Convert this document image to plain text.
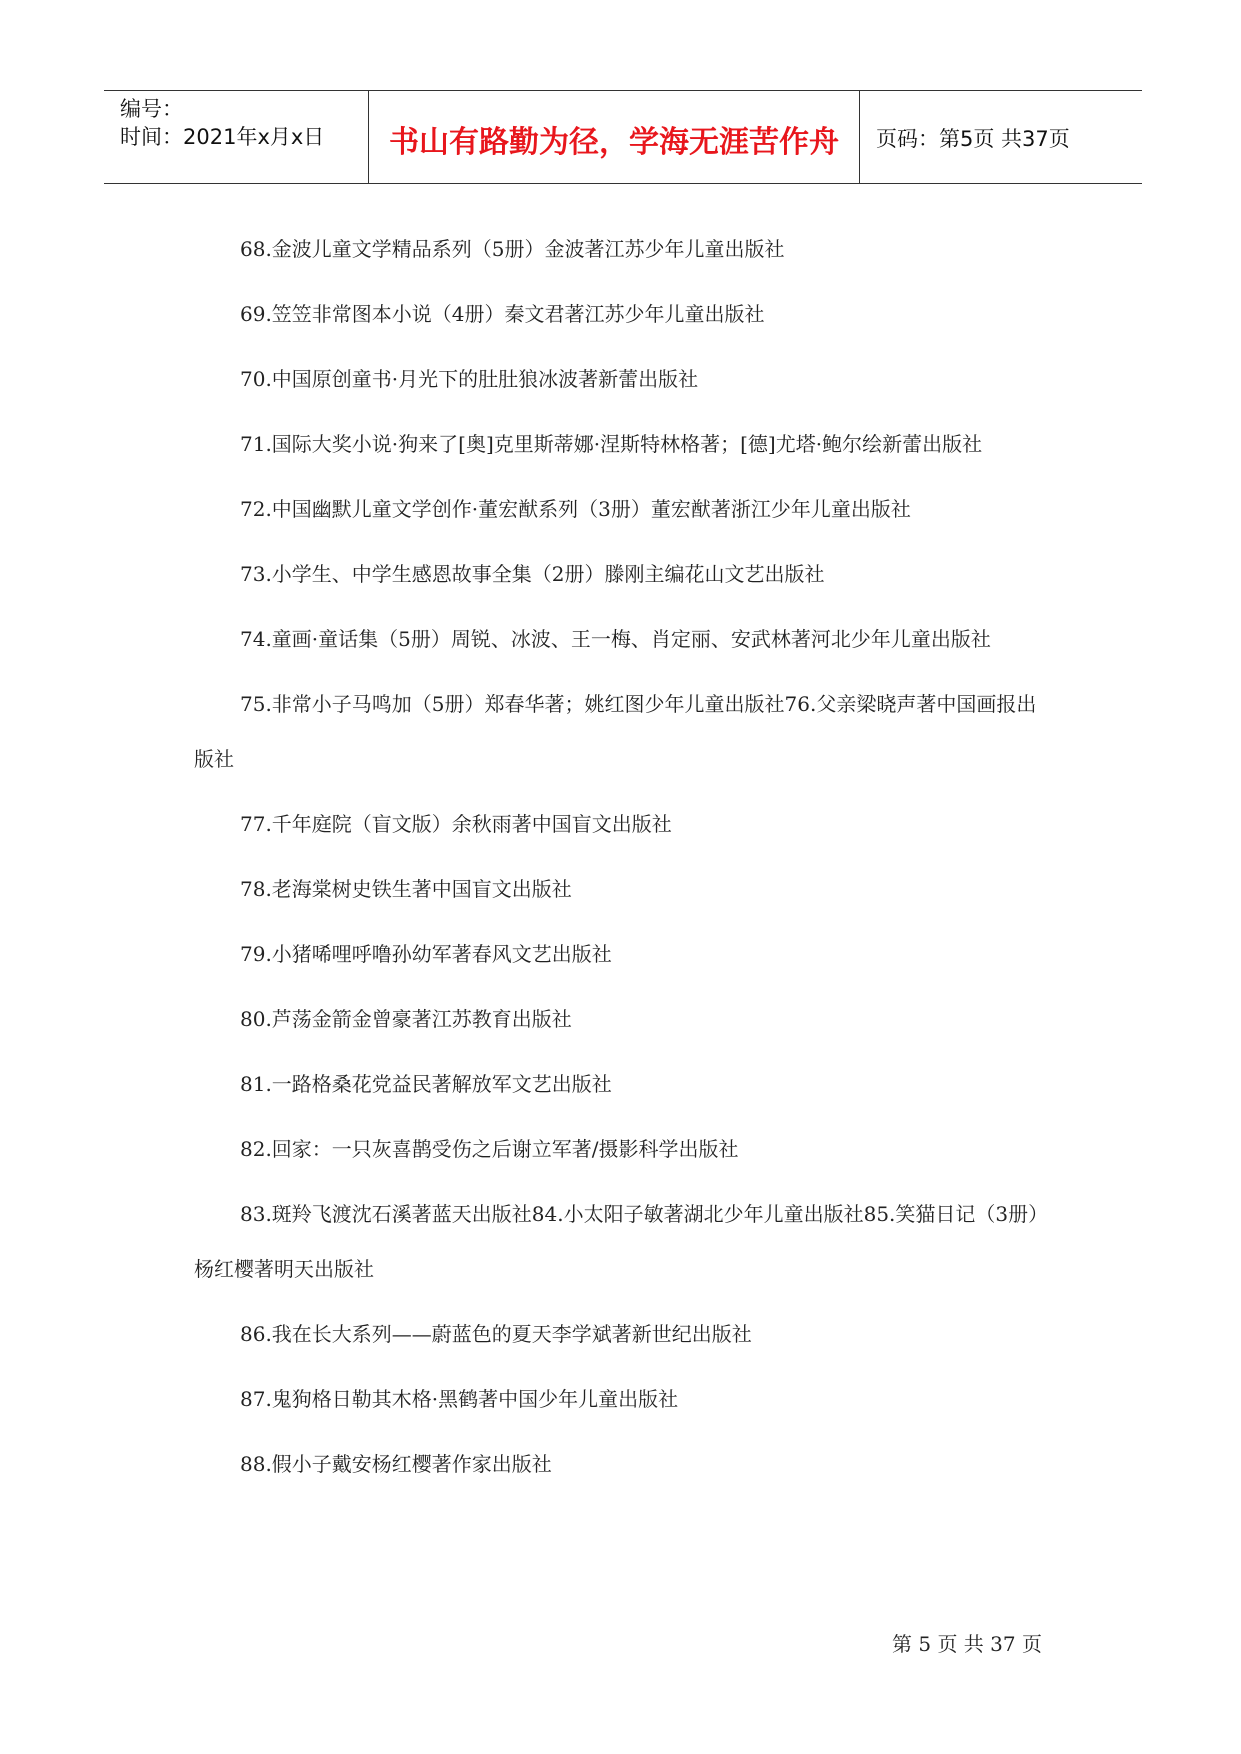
编号：
时间：2021年x月x日	书山有路勤为径，学海无涯苦作舟	页码：第5页 共37页

68.金波儿童文学精品系列（5册）金波著江苏少年儿童出版社

69.笠笠非常图本小说（4册）秦文君著江苏少年儿童出版社

70.中国原创童书·月光下的肚肚狼冰波著新蕾出版社

71.国际大奖小说·狗来了[奥]克里斯蒂娜·涅斯特林格著；[德]尤塔·鲍尔绘新蕾出版社

72.中国幽默儿童文学创作·董宏猷系列（3册）董宏猷著浙江少年儿童出版社

73.小学生、中学生感恩故事全集（2册）滕刚主编花山文艺出版社

74.童画·童话集（5册）周锐、冰波、王一梅、肖定丽、安武林著河北少年儿童出版社

75.非常小子马鸣加（5册）郑春华著；姚红图少年儿童出版社76.父亲梁晓声著中国画报出版社

77.千年庭院（盲文版）余秋雨著中国盲文出版社

78.老海棠树史铁生著中国盲文出版社

79.小猪唏哩呼噜孙幼军著春风文艺出版社

80.芦荡金箭金曾豪著江苏教育出版社

81.一路格桑花党益民著解放军文艺出版社

82.回家：一只灰喜鹊受伤之后谢立军著/摄影科学出版社

83.斑羚飞渡沈石溪著蓝天出版社84.小太阳子敏著湖北少年儿童出版社85.笑猫日记（3册）杨红樱著明天出版社

86.我在长大系列——蔚蓝色的夏天李学斌著新世纪出版社

87.鬼狗格日勒其木格·黑鹤著中国少年儿童出版社

88.假小子戴安杨红樱著作家出版社

第 5 页 共 37 页
